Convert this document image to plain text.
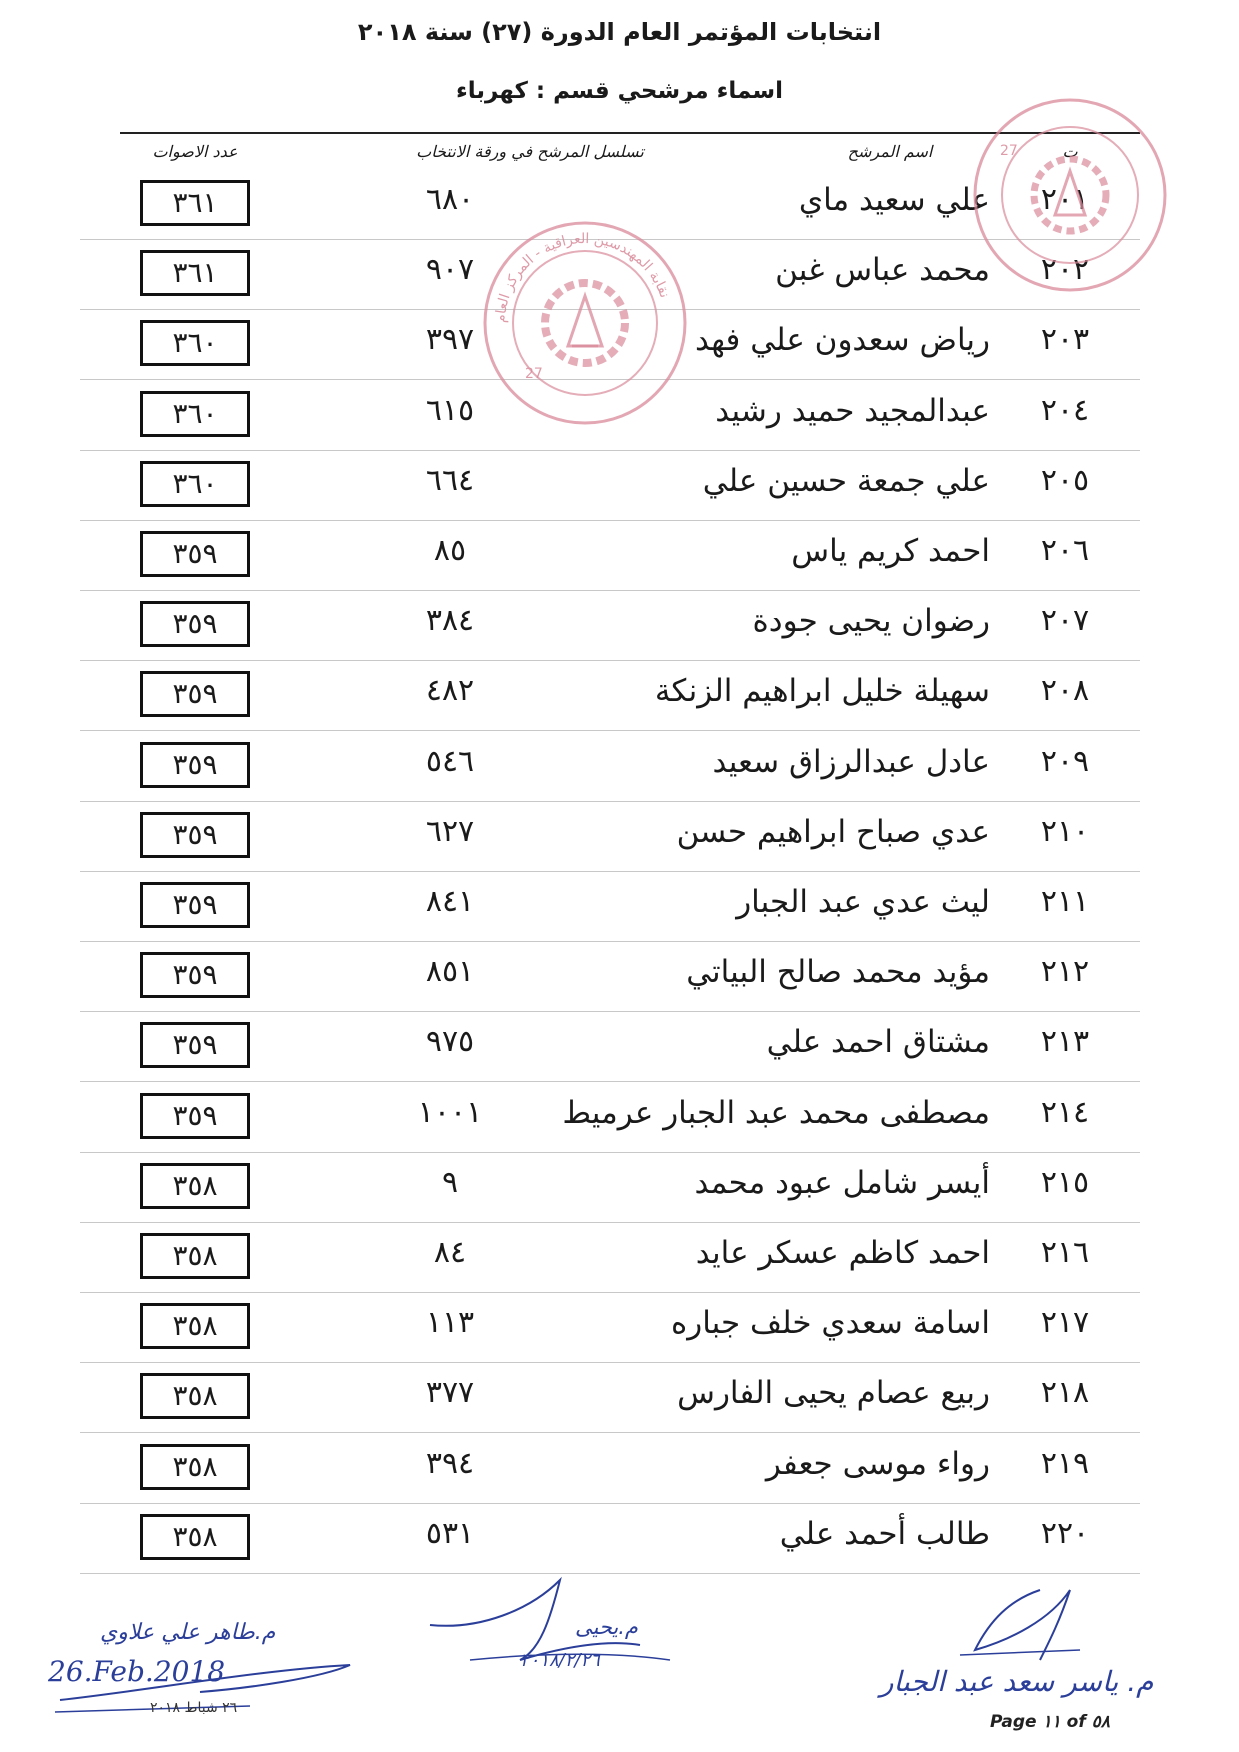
انتخابات المؤتمر العام الدورة (٢٧) سنة ٢٠١٨
اسماء مرشحي قسم : كهرباء
ت
اسم المرشح
تسلسل المرشح في ورقة الانتخاب
عدد الاصوات
٢٠١
علي سعيد ماي
٦٨٠
٣٦١
٢٠٢
محمد عباس غبن
٩٠٧
٣٦١
٢٠٣
رياض سعدون علي فهد
٣٩٧
٣٦٠
٢٠٤
عبدالمجيد حميد رشيد
٦١٥
٣٦٠
٢٠٥
علي جمعة حسين علي
٦٦٤
٣٦٠
٢٠٦
احمد كريم ياس
٨٥
٣٥٩
٢٠٧
رضوان يحيى جودة
٣٨٤
٣٥٩
٢٠٨
سهيلة خليل ابراهيم الزنكة
٤٨٢
٣٥٩
٢٠٩
عادل عبدالرزاق سعيد
٥٤٦
٣٥٩
٢١٠
عدي صباح ابراهيم حسن
٦٢٧
٣٥٩
٢١١
ليث عدي عبد الجبار
٨٤١
٣٥٩
٢١٢
مؤيد محمد صالح البياتي
٨٥١
٣٥٩
٢١٣
مشتاق احمد علي
٩٧٥
٣٥٩
٢١٤
مصطفى محمد عبد الجبار عرميط
١٠٠١
٣٥٩
٢١٥
أيسر شامل عبود محمد
٩
٣٥٨
٢١٦
احمد كاظم عسكر عايد
٨٤
٣٥٨
٢١٧
اسامة سعدي خلف جباره
١١٣
٣٥٨
٢١٨
ربيع عصام يحيى الفارس
٣٧٧
٣٥٨
٢١٩
رواء موسى جعفر
٣٩٤
٣٥٨
٢٢٠
طالب أحمد علي
٥٣١
٣٥٨
نقابة المهندسين العراقية - المركز العام
27
27
م.طاهر علي علاوي
26.Feb.2018
٢٦ شباط ٢٠١٨
م.يحيى
٢٠١٨/٢/٢٦
م. ياسر سعد عبد الجبار
Page ١١ of ٥٨
